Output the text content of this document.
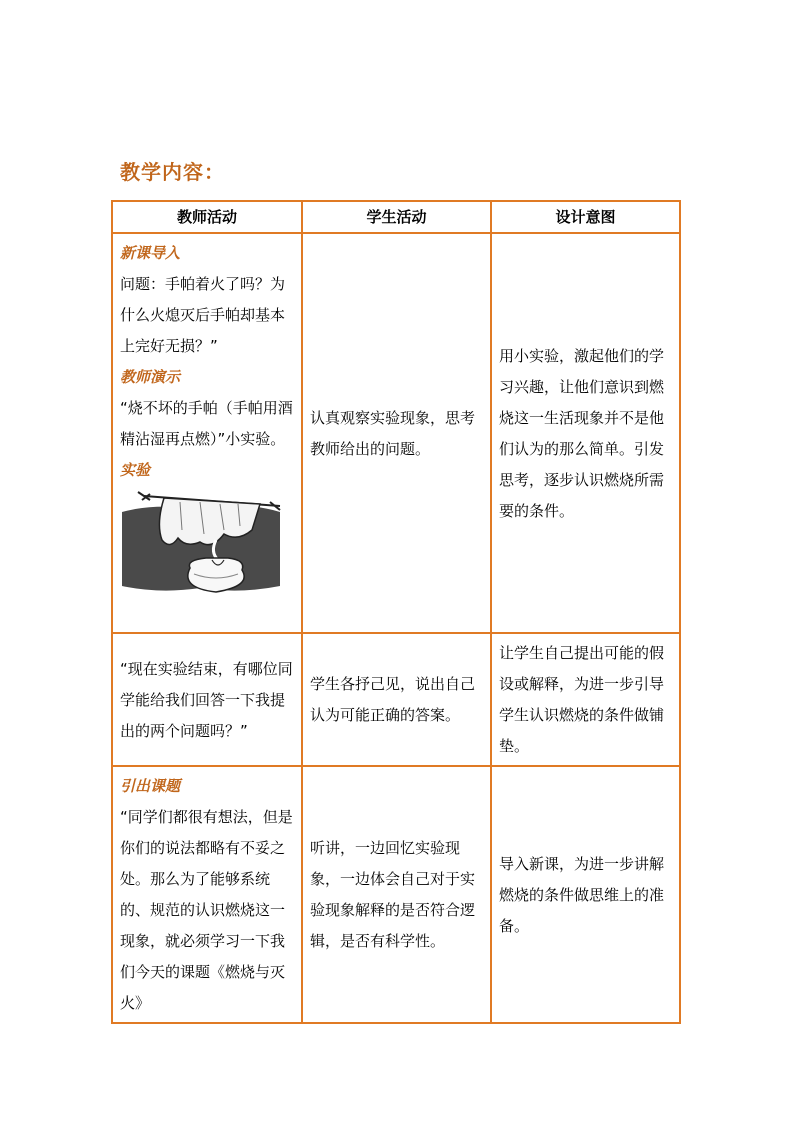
教学内容：
教师活动	学生活动	设计意图

新课导入
问题：手帕着火了吗？为什么火熄灭后手帕却基本上完好无损？”
教师演示
“烧不坏的手帕（手帕用酒精沾湿再点燃）”小实验。
实验	认真观察实验现象，思考教师给出的问题。	用小实验，激起他们的学习兴趣，让他们意识到燃烧这一生活现象并不是他们认为的那么简单。引发思考，逐步认识燃烧所需要的条件。

“现在实验结束，有哪位同学能给我们回答一下我提出的两个问题吗？”	学生各抒己见，说出自己认为可能正确的答案。	让学生自己提出可能的假设或解释，为进一步引导学生认识燃烧的条件做铺垫。

引出课题
“同学们都很有想法，但是你们的说法都略有不妥之处。那么为了能够系统的、规范的认识燃烧这一现象，就必须学习一下我们今天的课题《燃烧与灭火》	听讲，一边回忆实验现象，一边体会自己对于实验现象解释的是否符合逻辑，是否有科学性。	导入新课，为进一步讲解燃烧的条件做思维上的准备。
